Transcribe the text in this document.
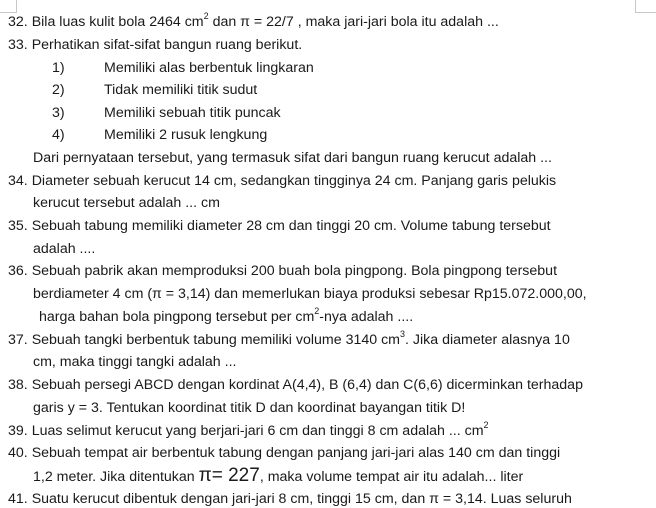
32. Bila luas kulit bola 2464 $cm^2$ dan π = 22/7 , maka jari-jari bola itu adalah ...
33. Perhatikan sifat-sifat bangun ruang berikut.
1)	Memiliki alas berbentuk lingkaran
2)	Tidak memiliki titik sudut
3)	Memiliki sebuah titik puncak
4)	Memiliki 2 rusuk lengkung
Dari pernyataan tersebut, yang termasuk sifat dari bangun ruang kerucut adalah ...
34. Diameter sebuah kerucut 14 cm, sedangkan tingginya 24 cm. Panjang garis pelukis
kerucut tersebut adalah ... cm
35. Sebuah tabung memiliki diameter 28 cm dan tinggi 20 cm. Volume tabung tersebut
adalah ....
36. Sebuah pabrik akan memproduksi 200 buah bola pingpong. Bola pingpong tersebut
berdiameter 4 cm (π = 3,14) dan memerlukan biaya produksi sebesar Rp15.072.000,00,
harga bahan bola pingpong tersebut per $cm^2$-nya adalah ....
37. Sebuah tangki berbentuk tabung memiliki volume 3140 $cm^3$. Jika diameter alasnya 10
cm, maka tinggi tangki adalah ...
38. Sebuah persegi ABCD dengan kordinat A(4,4), B (6,4) dan C(6,6) dicerminkan terhadap
garis y = 3. Tentukan koordinat titik D dan koordinat bayangan titik D!
39. Luas selimut kerucut yang berjari-jari 6 cm dan tinggi 8 cm adalah ... $cm^2$
40. Sebuah tempat air berbentuk tabung dengan panjang jari-jari alas 140 cm dan tinggi
1,2 meter. Jika ditentukan π= 227, maka volume tempat air itu adalah... liter
41. Suatu kerucut dibentuk dengan jari-jari 8 cm, tinggi 15 cm, dan π = 3,14. Luas seluruh
